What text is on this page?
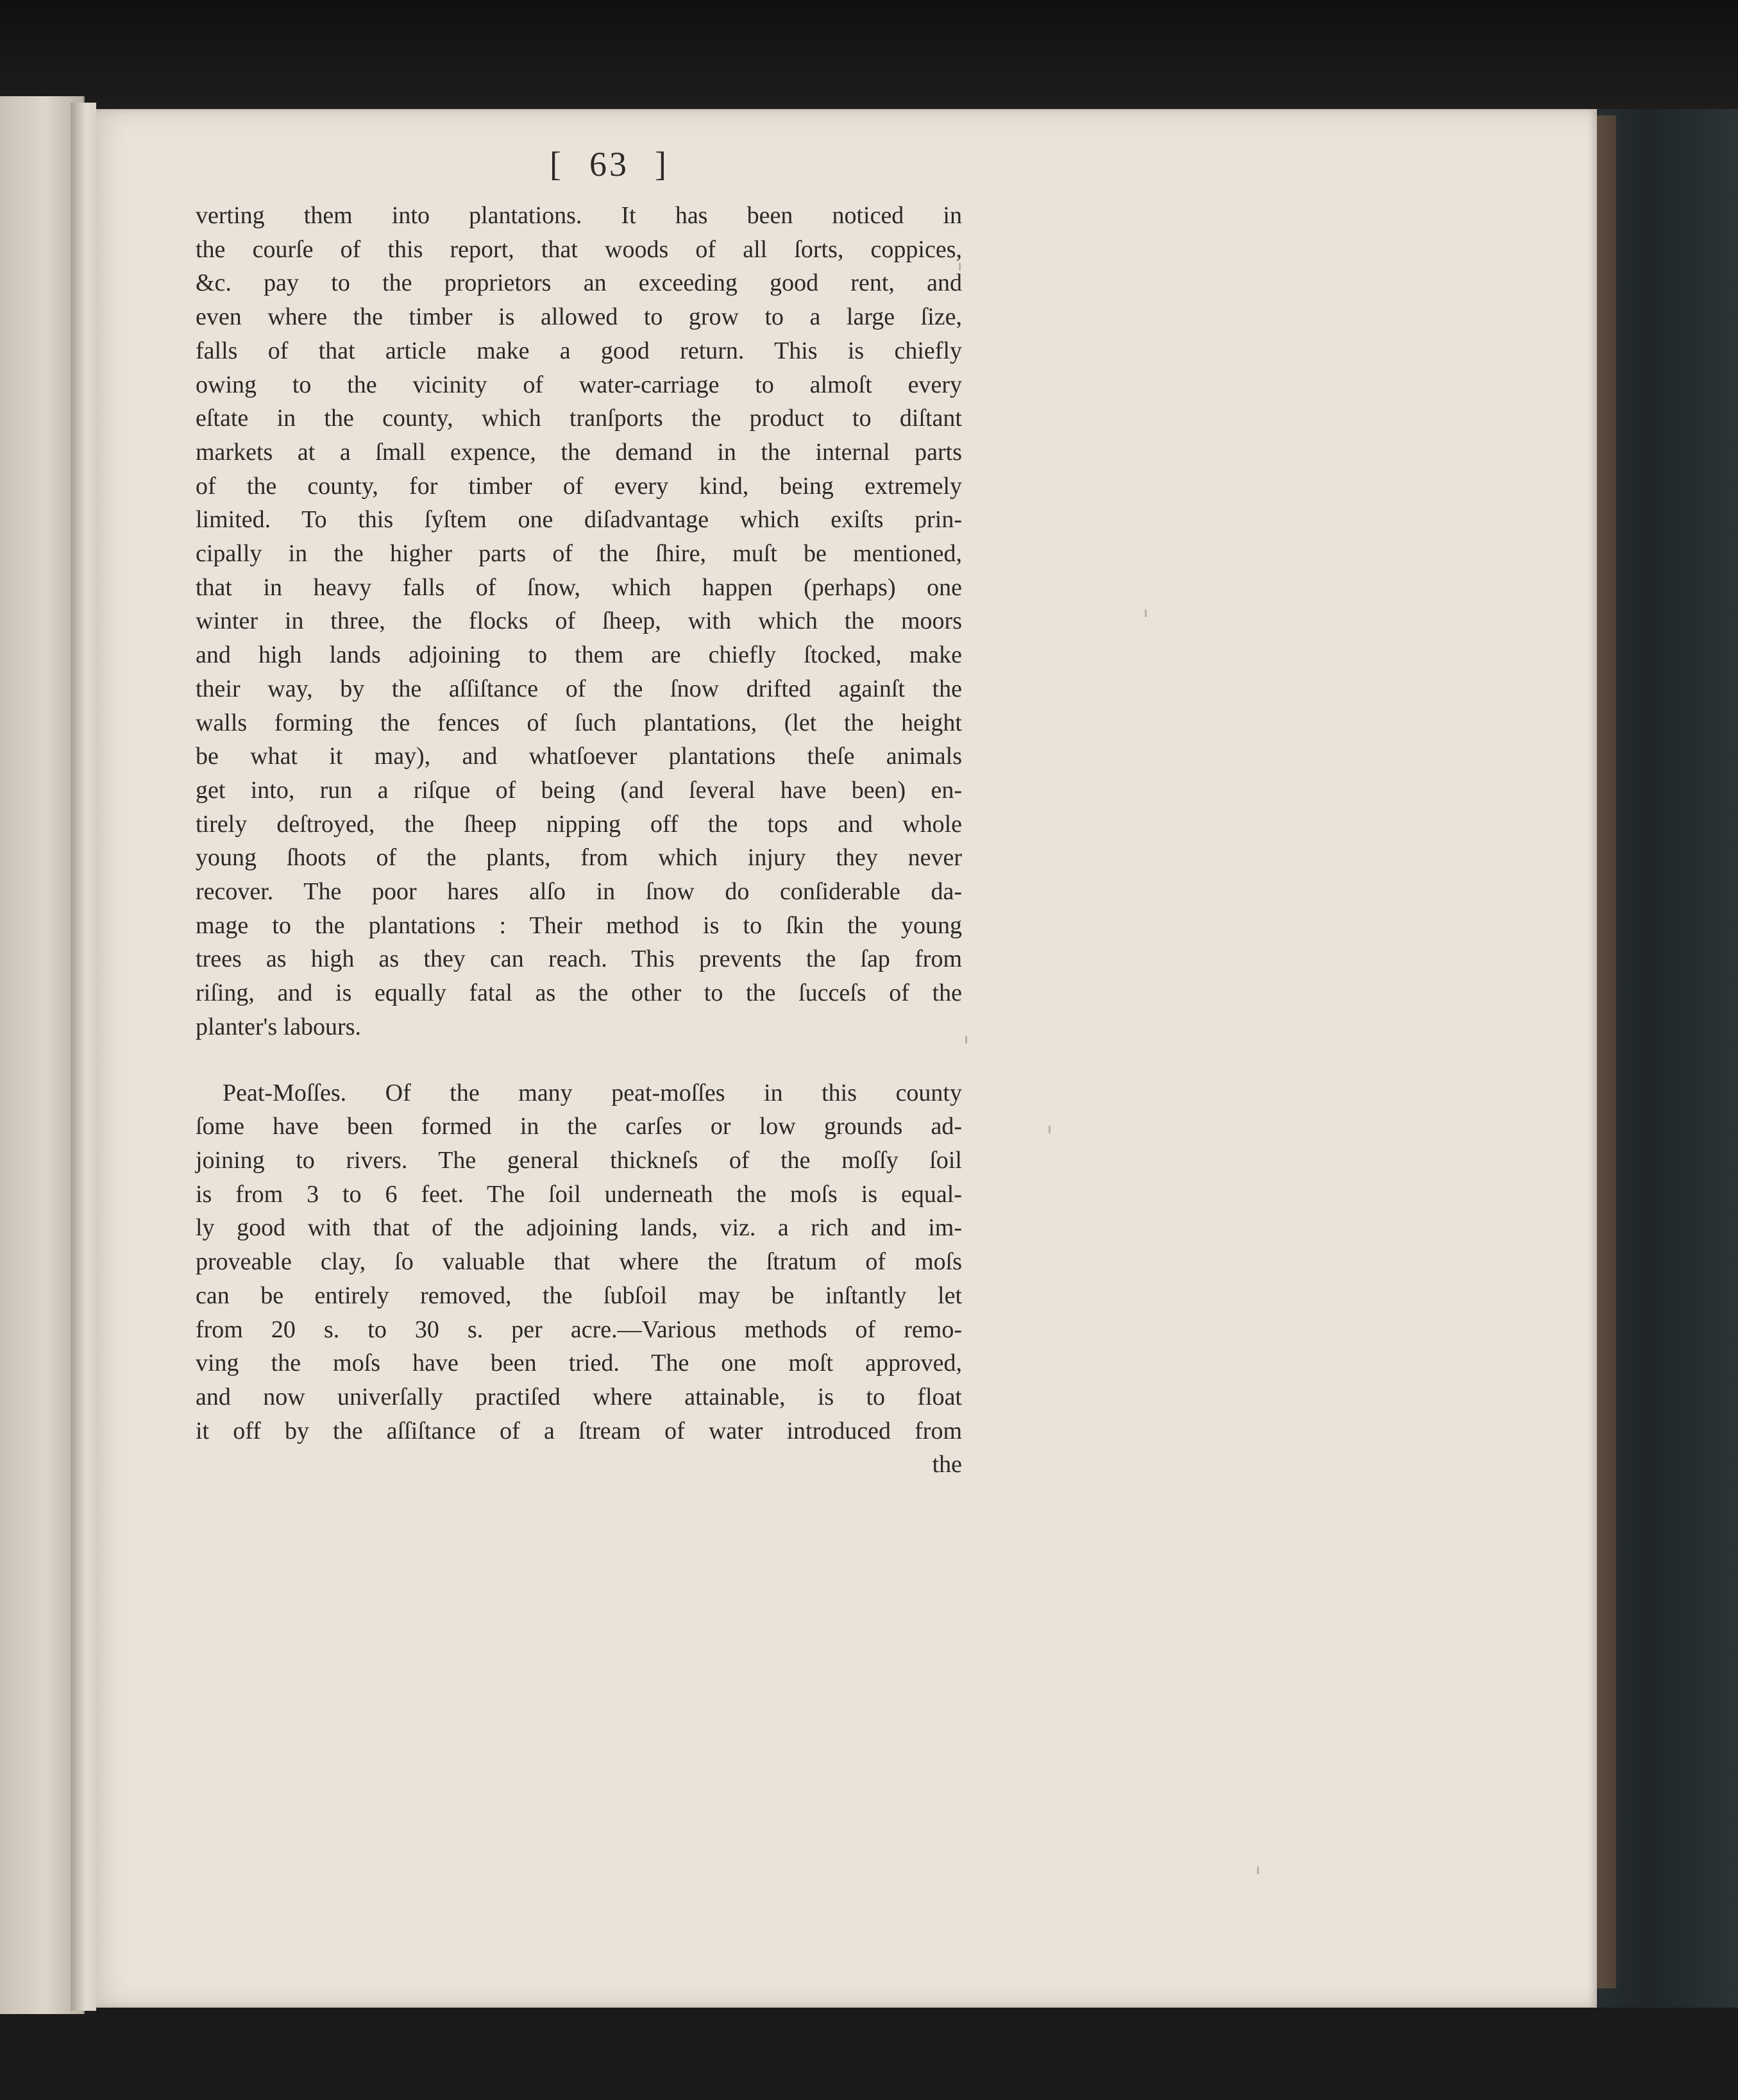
[ 63 ]
verting them into plantations. It has been noticed in
the courſe of this report, that woods of all ſorts, coppices,
&c. pay to the proprietors an exceeding good rent, and
even where the timber is allowed to grow to a large ſize,
falls of that article make a good return. This is chiefly
owing to the vicinity of water-carriage to almoſt every
eſtate in the county, which tranſports the product to diſtant
markets at a ſmall expence, the demand in the internal parts
of the county, for timber of every kind, being extremely
limited. To this ſyſtem one diſadvantage which exiſts prin-
cipally in the higher parts of the ſhire, muſt be mentioned,
that in heavy falls of ſnow, which happen (perhaps) one
winter in three, the flocks of ſheep, with which the moors
and high lands adjoining to them are chiefly ſtocked, make
their way, by the aſſiſtance of the ſnow drifted againſt the
walls forming the fences of ſuch plantations, (let the height
be what it may), and whatſoever plantations theſe animals
get into, run a riſque of being (and ſeveral have been) en-
tirely deſtroyed, the ſheep nipping off the tops and whole
young ſhoots of the plants, from which injury they never
recover. The poor hares alſo in ſnow do conſiderable da-
mage to the plantations : Their method is to ſkin the young
trees as high as they can reach. This prevents the ſap from
riſing, and is equally fatal as the other to the ſucceſs of the
planter's labours.
Peat-Moſſes. Of the many peat-moſſes in this county
ſome have been formed in the carſes or low grounds ad-
joining to rivers. The general thickneſs of the moſſy ſoil
is from 3 to 6 feet. The ſoil underneath the moſs is equal-
ly good with that of the adjoining lands, viz. a rich and im-
proveable clay, ſo valuable that where the ſtratum of moſs
can be entirely removed, the ſubſoil may be inſtantly let
from 20 s. to 30 s. per acre.—Various methods of remo-
ving the moſs have been tried. The one moſt approved,
and now univerſally practiſed where attainable, is to float
it off by the aſſiſtance of a ſtream of water introduced from
the
